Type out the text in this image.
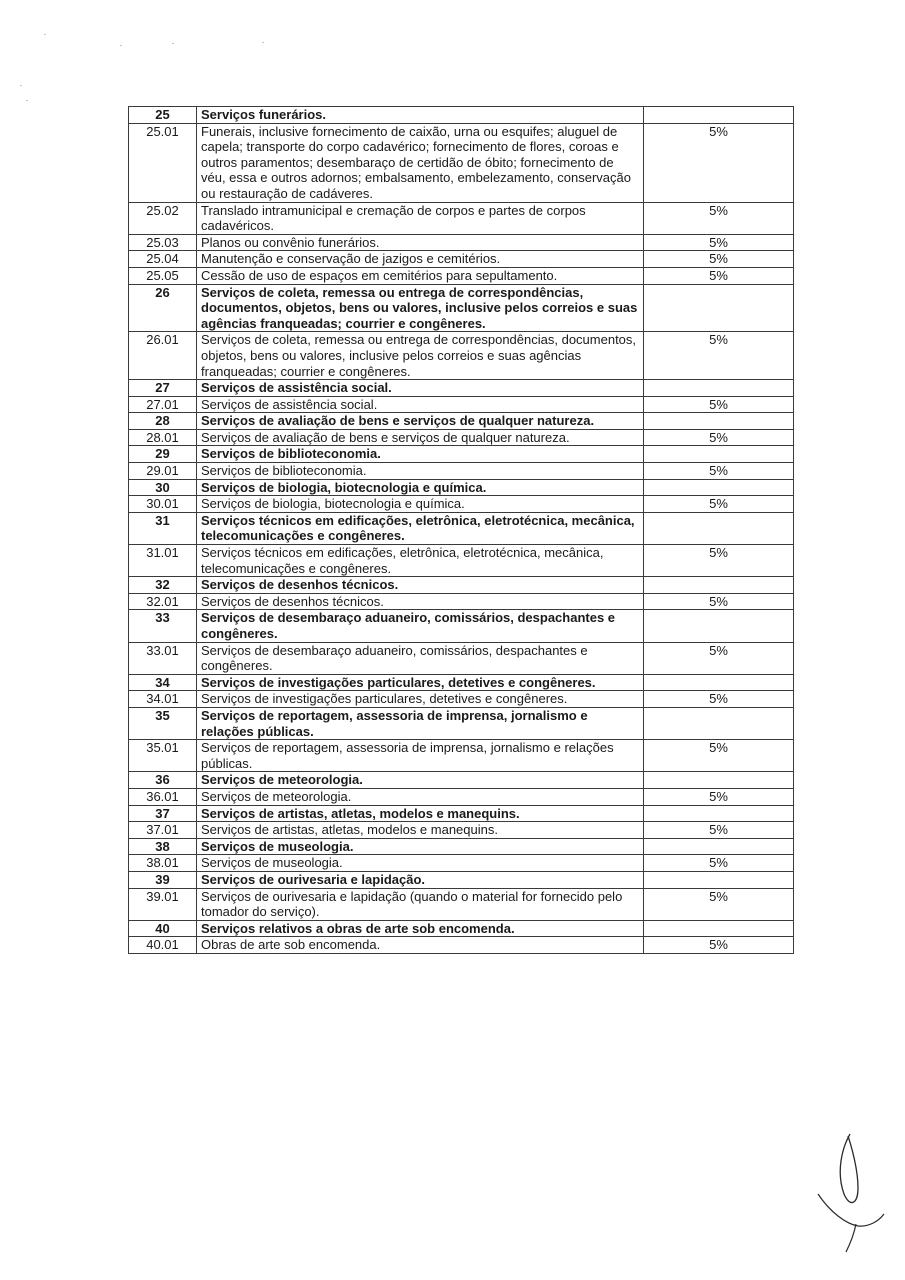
25	Serviços funerários.	
25.01	Funerais, inclusive fornecimento de caixão, urna ou esquifes; aluguel de capela; transporte do corpo cadavérico; fornecimento de flores, coroas e outros paramentos; desembaraço de certidão de óbito; fornecimento de véu, essa e outros adornos; embalsamento, embelezamento, conservação ou restauração de cadáveres.	5%
25.02	Translado intramunicipal e cremação de corpos e partes de corpos cadavéricos.	5%
25.03	Planos ou convênio funerários.	5%
25.04	Manutenção e conservação de jazigos e cemitérios.	5%
25.05	Cessão de uso de espaços em cemitérios para sepultamento.	5%
26	Serviços de coleta, remessa ou entrega de correspondências, documentos, objetos, bens ou valores, inclusive pelos correios e suas agências franqueadas; courrier e congêneres.	
26.01	Serviços de coleta, remessa ou entrega de correspondências, documentos, objetos, bens ou valores, inclusive pelos correios e suas agências franqueadas; courrier e congêneres.	5%
27	Serviços de assistência social.	
27.01	Serviços de assistência social.	5%
28	Serviços de avaliação de bens e serviços de qualquer natureza.	
28.01	Serviços de avaliação de bens e serviços de qualquer natureza.	5%
29	Serviços de biblioteconomia.	
29.01	Serviços de biblioteconomia.	5%
30	Serviços de biologia, biotecnologia e química.	
30.01	Serviços de biologia, biotecnologia e química.	5%
31	Serviços técnicos em edificações, eletrônica, eletrotécnica, mecânica, telecomunicações e congêneres.	
31.01	Serviços técnicos em edificações, eletrônica, eletrotécnica, mecânica, telecomunicações e congêneres.	5%
32	Serviços de desenhos técnicos.	
32.01	Serviços de desenhos técnicos.	5%
33	Serviços de desembaraço aduaneiro, comissários, despachantes e congêneres.	
33.01	Serviços de desembaraço aduaneiro, comissários, despachantes e congêneres.	5%
34	Serviços de investigações particulares, detetives e congêneres.	
34.01	Serviços de investigações particulares, detetives e congêneres.	5%
35	Serviços de reportagem, assessoria de imprensa, jornalismo e relações públicas.	
35.01	Serviços de reportagem, assessoria de imprensa, jornalismo e relações públicas.	5%
36	Serviços de meteorologia.	
36.01	Serviços de meteorologia.	5%
37	Serviços de artistas, atletas, modelos e manequins.	
37.01	Serviços de artistas, atletas, modelos e manequins.	5%
38	Serviços de museologia.	
38.01	Serviços de museologia.	5%
39	Serviços de ourivesaria e lapidação.	
39.01	Serviços de ourivesaria e lapidação (quando o material for fornecido pelo tomador do serviço).	5%
40	Serviços relativos a obras de arte sob encomenda.	
40.01	Obras de arte sob encomenda.	5%
